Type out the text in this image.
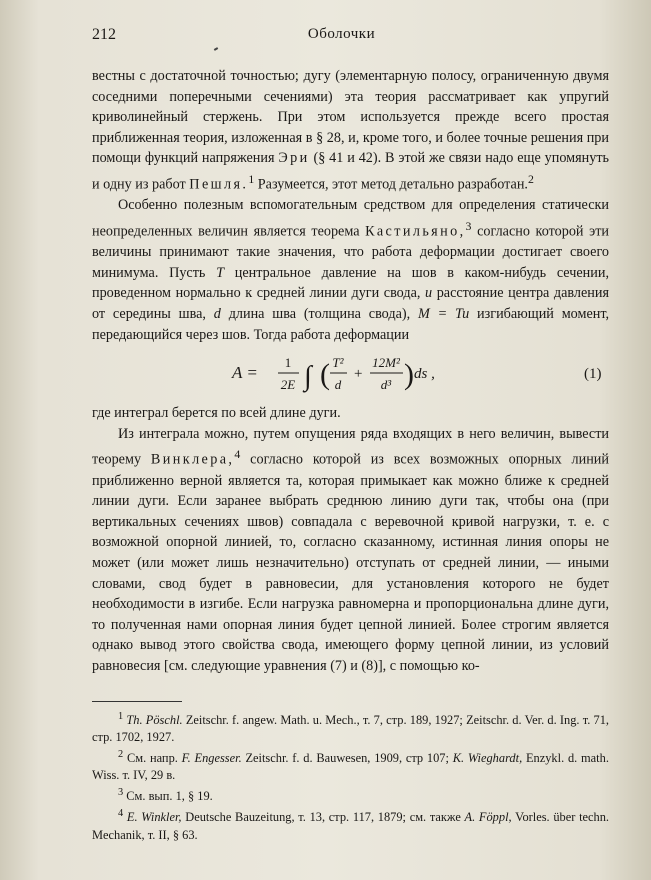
212	Оболочки

вестны с достаточной точностью; дугу (элементарную полосу, ограниченную двумя соседними поперечными сечениями) эта теория рассматривает как упругий криволинейный стержень. При этом используется прежде всего простая приближенная теория, изложенная в § 28, и, кроме того, и более точные решения при помощи функций напряжения Эри (§ 41 и 42). В этой же связи надо еще упомянуть и одну из работ Пешля.$^1$ Разумеется, этот метод детально разработан.$^2$

Особенно полезным вспомогательным средством для определения статически неопределенных величин является теорема Кастильяно,$^3$ согласно которой эти величины принимают такие значения, что работа деформации достигает своего минимума. Пусть T центральное давление на шов в каком-нибудь сечении, проведенном нормально к средней линии дуги свода, u расстояние центра давления от середины шва, d длина шва (толщина свода), M = Tu изгибающий момент, передающийся через шов. Тогда работа деформации

A =
1
2E ∫ ( T²
d
+
12M²
d³ ) ds ,	(1)

где интеграл берется по всей длине дуги.

Из интеграла можно, путем опущения ряда входящих в него величин, вывести теорему Винклера,$^4$ согласно которой из всех возможных опорных линий приближенно верной является та, которая примыкает как можно ближе к средней линии дуги. Если заранее выбрать среднюю линию дуги так, чтобы она (при вертикальных сечениях швов) совпадала с веревочной кривой нагрузки, т. е. с возможной опорной линией, то, согласно сказанному, истинная линия опоры не может (или может лишь незначительно) отступать от средней линии, — иными словами, свод будет в равновесии, для установления которого не будет необходимости в изгибе. Если нагрузка равномерна и пропорциональна длине дуги, то полученная нами опорная линия будет цепной линией. Более строгим является однако вывод этого свойства свода, имеющего форму цепной линии, из условий равновесия [см. следующие уравнения (7) и (8)], с помощью ко-

$^1$ Th. Pöschl. Zeitschr. f. angew. Math. u. Mech., т. 7, стр. 189, 1927; Zeitschr. d. Ver. d. Ing. т. 71, стр. 1702, 1927.

$^2$ См. напр. F. Engesser. Zeitschr. f. d. Bauwesen, 1909, стр 107; K. Wieghardt, Enzykl. d. math. Wiss. т. IV, 29 в.

$^3$ См. вып. 1, § 19.

$^4$ E. Winkler, Deutsche Bauzeitung, т. 13, стр. 117, 1879; см. также A. Föppl, Vorles. über techn. Mechanik, т. II, § 63.
